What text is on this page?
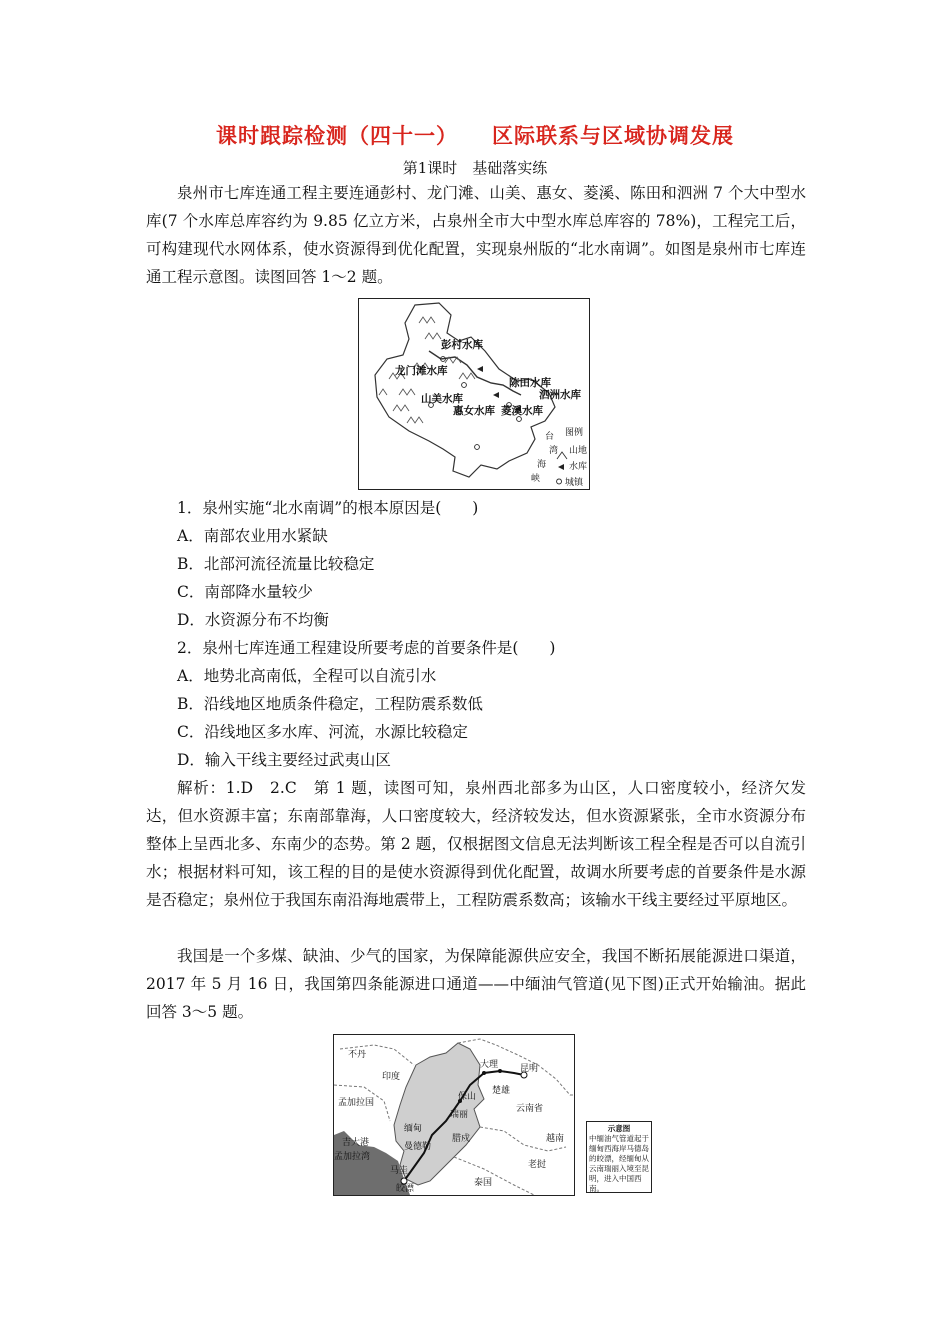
课时跟踪检测（四十一） 区际联系与区域协调发展
第1课时　基础落实练

泉州市七库连通工程主要连通彭村、龙门滩、山美、惠女、菱溪、陈田和泗洲 7 个大中型水库(7 个水库总库容约为 9.85 亿立方米，占泉州全市大中型水库总库容的 78%)，工程完工后，可构建现代水网体系，使水资源得到优化配置，实现泉州版的“北水南调”。如图是泉州市七库连通工程示意图。读图回答 1～2 题。

彭村水库
龙门滩水库
山美水库
惠女水库 菱溪水库
陈田水库
泗洲水库
台
湾
海
峡
图例
山地
水库
城镇
1．泉州实施“北水南调”的根本原因是(　　)
A．南部农业用水紧缺
B．北部河流径流量比较稳定
C．南部降水量较少
D．水资源分布不均衡
2．泉州七库连通工程建设所要考虑的首要条件是(　　)
A．地势北高南低，全程可以自流引水
B．沿线地区地质条件稳定，工程防震系数低
C．沿线地区多水库、河流，水源比较稳定
D．输入干线主要经过武夷山区

解析：1.D　2.C　第 1 题，读图可知，泉州西北部多为山区，人口密度较小，经济欠发达，但水资源丰富；东南部靠海，人口密度较大，经济较发达，但水资源紧张，全市水资源分布整体上呈西北多、东南少的态势。第 2 题，仅根据图文信息无法判断该工程全程是否可以自流引水；根据材料可知，该工程的目的是使水资源得到优化配置，故调水所要考虑的首要条件是水源是否稳定；泉州位于我国东南沿海地震带上，工程防震系数高；该输水干线主要经过平原地区。

我国是一个多煤、缺油、少气的国家，为保障能源供应安全，我国不断拓展能源进口渠道，2017 年 5 月 16 日，我国第四条能源进口通道——中缅油气管道(见下图)正式开始输油。据此回答 3～5 题。

不丹
印度
孟加拉国
吉大港
孟加拉湾
缅甸
曼德勒
马圭
皎漂
瑞丽
保山
大理 昆明
楚雄
云南省
腊戍	越南
老挝
泰国
示意图
中缅油气管道起于缅甸西海岸马德岛的皎漂，经缅甸从云南瑞丽入境至昆明，进入中国西南。
